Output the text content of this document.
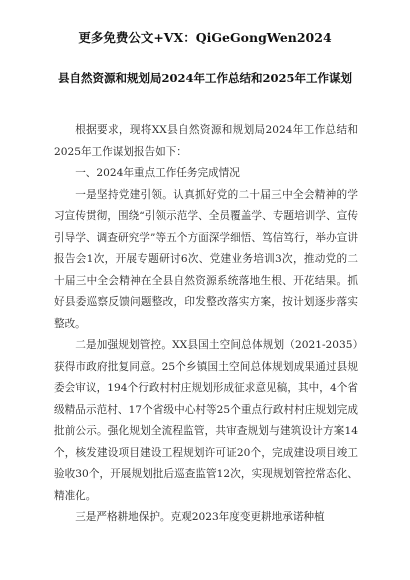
更多免费公文+VX：QiGeGongWen2024
县自然资源和规划局2024年工作总结和2025年工作谋划

根据要求，现将XX县自然资源和规划局2024年工作总结和2025年工作谋划报告如下：

一、2024年重点工作任务完成情况

一是坚持党建引领。认真抓好党的二十届三中全会精神的学习宣传贯彻，围绕“引领示范学、全员覆盖学、专题培训学、宣传引导学、调查研究学”等五个方面深学细悟、笃信笃行，举办宣讲报告会1次，开展专题研讨6次、党建业务培训3次，推动党的二十届三中全会精神在全县自然资源系统落地生根、开花结果。抓好县委巡察反馈问题整改，印发整改落实方案，按计划逐步落实整改。

二是加强规划管控。XX县国土空间总体规划（2021-2035）获得市政府批复同意。25个乡镇国土空间总体规划成果通过县规委会审议，194个行政村村庄规划形成征求意见稿，其中，4个省级精品示范村、17个省级中心村等25个重点行政村村庄规划完成批前公示。强化规划全流程监管，共审查规划与建筑设计方案14个，核发建设项目建设工程规划许可证20个，完成建设项目竣工验收30个，开展规划批后巡查监管12次，实现规划管控常态化、精准化。

三是严格耕地保护。克观2023年度变更耕地承诺种植
